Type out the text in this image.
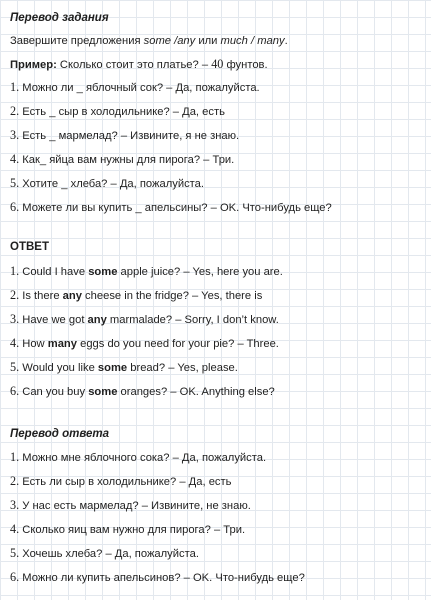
Перевод задания
Завершите предложения some /any или much / many.
Пример: Сколько стоит это платье? – 40 фунтов.
1. Можно ли _ яблочный сок? – Да, пожалуйста.
2. Есть _ сыр в холодильнике? – Да, есть
3. Есть _ мармелад? – Извините, я не знаю.
4. Как_ яйца вам нужны для пирога? – Три.
5. Хотите _ хлеба? – Да, пожалуйста.
6. Можете ли вы купить _ апельсины? – OK. Что-нибудь еще?
ОТВЕТ
1. Could I have some apple juice? – Yes, here you are.
2. Is there any cheese in the fridge? – Yes, there is
3. Have we got any marmalade? – Sorry, I don’t know.
4. How many eggs do you need for your pie? – Three.
5. Would you like some bread? – Yes, please.
6. Can you buy some oranges? – OK. Anything else?
Перевод ответа
1. Можно мне яблочного сока? – Да, пожалуйста.
2. Есть ли сыр в холодильнике? – Да, есть
3. У нас есть мармелад? – Извините, не знаю.
4. Сколько яиц вам нужно для пирога? – Три.
5. Хочешь хлеба? – Да, пожалуйста.
6. Можно ли купить апельсинов? – OK. Что-нибудь еще?
